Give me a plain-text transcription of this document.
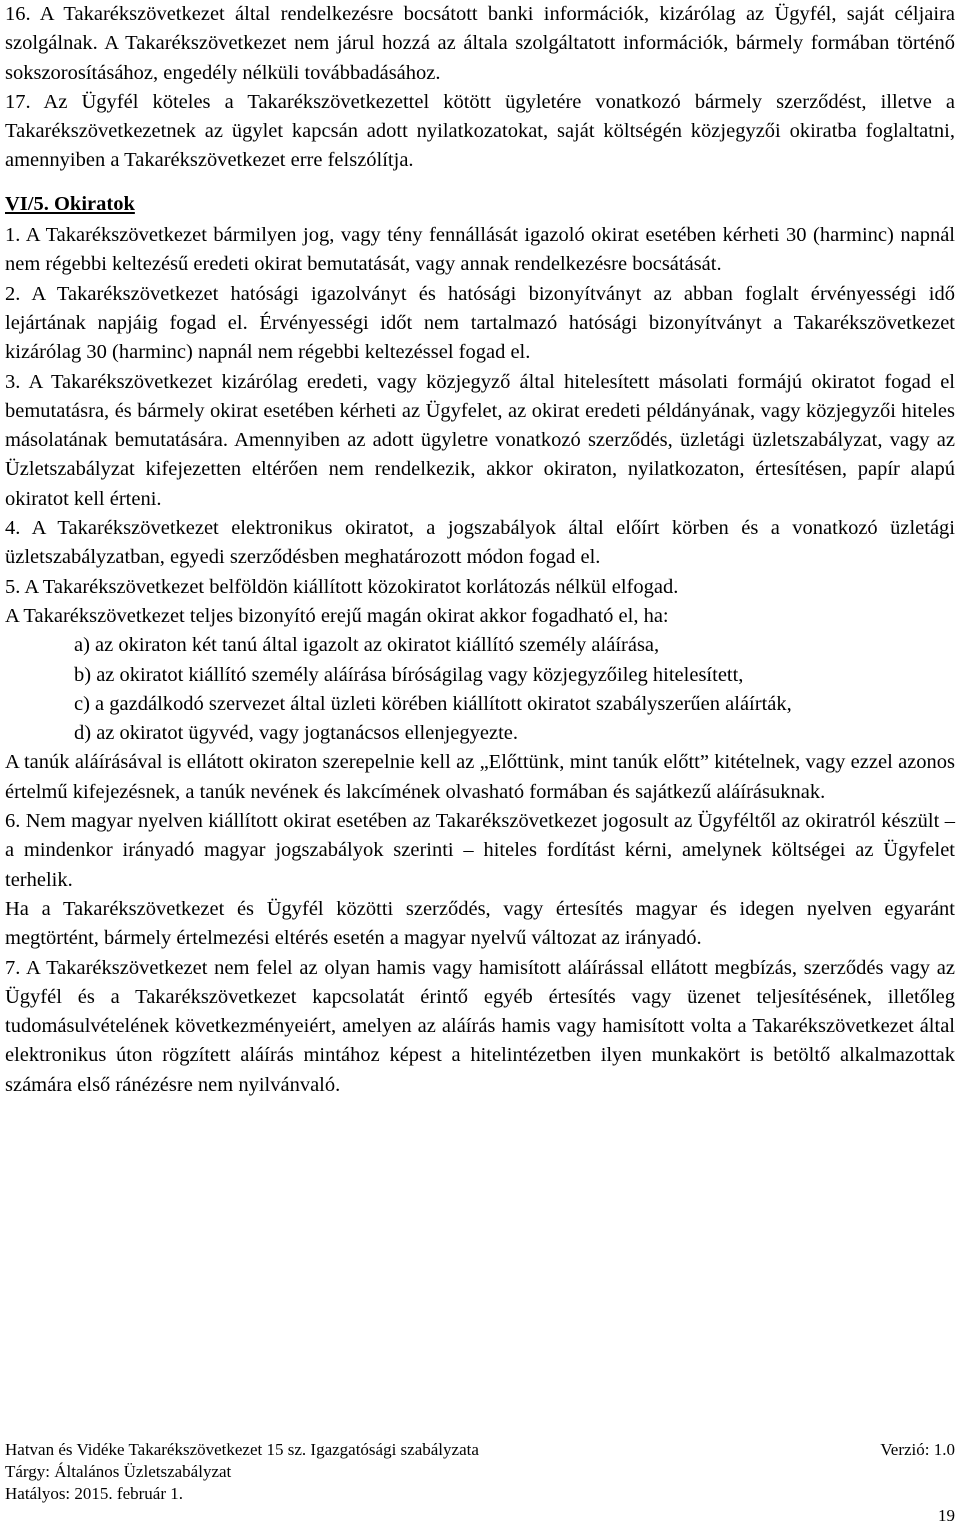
16. A Takarékszövetkezet által rendelkezésre bocsátott banki információk, kizárólag az Ügyfél, saját céljaira szolgálnak. A Takarékszövetkezet nem járul hozzá az általa szolgáltatott információk, bármely formában történő sokszorosításához, engedély nélküli továbbadásához.

17. Az Ügyfél köteles a Takarékszövetkezettel kötött ügyletére vonatkozó bármely szerződést, illetve a Takarékszövetkezetnek az ügylet kapcsán adott nyilatkozatokat, saját költségén közjegyzői okiratba foglaltatni, amennyiben a Takarékszövetkezet erre felszólítja.

VI/5. Okiratok

1. A Takarékszövetkezet bármilyen jog, vagy tény fennállását igazoló okirat esetében kérheti 30 (harminc) napnál nem régebbi keltezésű eredeti okirat bemutatását, vagy annak rendelkezésre bocsátását.

2. A Takarékszövetkezet hatósági igazolványt és hatósági bizonyítványt az abban foglalt érvényességi idő lejártának napjáig fogad el. Érvényességi időt nem tartalmazó hatósági bizonyítványt a Takarékszövetkezet kizárólag 30 (harminc) napnál nem régebbi keltezéssel fogad el.

3. A Takarékszövetkezet kizárólag eredeti, vagy közjegyző által hitelesített másolati formájú okiratot fogad el bemutatásra, és bármely okirat esetében kérheti az Ügyfelet, az okirat eredeti példányának, vagy közjegyzői hiteles másolatának bemutatására. Amennyiben az adott ügyletre vonatkozó szerződés, üzletági üzletszabályzat, vagy az Üzletszabályzat kifejezetten eltérően nem rendelkezik, akkor okiraton, nyilatkozaton, értesítésen, papír alapú okiratot kell érteni.

4. A Takarékszövetkezet elektronikus okiratot, a jogszabályok által előírt körben és a vonatkozó üzletági üzletszabályzatban, egyedi szerződésben meghatározott módon fogad el.

5. A Takarékszövetkezet belföldön kiállított közokiratot korlátozás nélkül elfogad.

A Takarékszövetkezet teljes bizonyító erejű magán okirat akkor fogadható el, ha:

a) az okiraton két tanú által igazolt az okiratot kiállító személy aláírása,

b) az okiratot kiállító személy aláírása bíróságilag vagy közjegyzőileg hitelesített,

c) a gazdálkodó szervezet által üzleti körében kiállított okiratot szabályszerűen aláírták,

d) az okiratot ügyvéd, vagy jogtanácsos ellenjegyezte.

A tanúk aláírásával is ellátott okiraton szerepelnie kell az „Előttünk, mint tanúk előtt” kitételnek, vagy ezzel azonos értelmű kifejezésnek, a tanúk nevének és lakcímének olvasható formában és sajátkezű aláírásuknak.

6. Nem magyar nyelven kiállított okirat esetében az Takarékszövetkezet jogosult az Ügyféltől az okiratról készült – a mindenkor irányadó magyar jogszabályok szerinti – hiteles fordítást kérni, amelynek költségei az Ügyfelet terhelik.

Ha a Takarékszövetkezet és Ügyfél közötti szerződés, vagy értesítés magyar és idegen nyelven egyaránt megtörtént, bármely értelmezési eltérés esetén a magyar nyelvű változat az irányadó.

7. A Takarékszövetkezet nem felel az olyan hamis vagy hamisított aláírással ellátott megbízás, szerződés vagy az Ügyfél és a Takarékszövetkezet kapcsolatát érintő egyéb értesítés vagy üzenet teljesítésének, illetőleg tudomásulvételének következményeiért, amelyen az aláírás hamis vagy hamisított volta a Takarékszövetkezet által elektronikus úton rögzített aláírás mintához képest a hitelintézetben ilyen munkakört is betöltő alkalmazottak számára első ránézésre nem nyilvánvaló.

Hatvan és Vidéke Takarékszövetkezet 15 sz. Igazgatósági szabályzata	Verzió: 1.0
Tárgy: Általános Üzletszabályzat
Hatályos: 2015. február 1.
19
